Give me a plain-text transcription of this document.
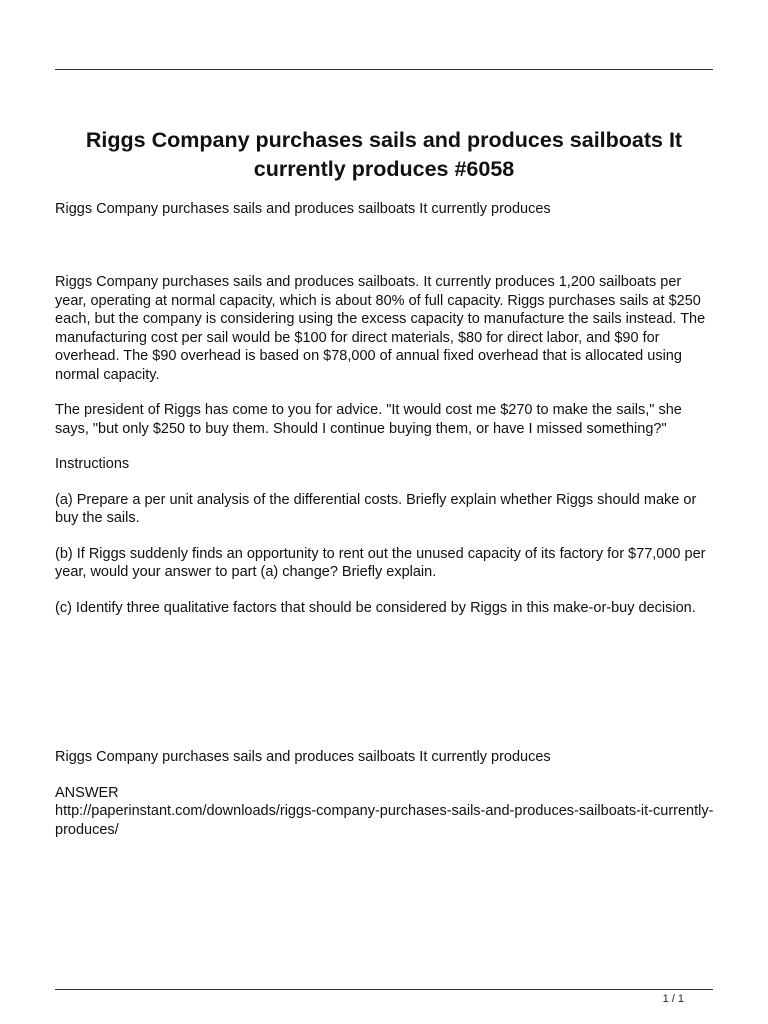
Riggs Company purchases sails and produces sailboats It currently produces #6058

Riggs Company purchases sails and produces sailboats It currently produces

Riggs Company purchases sails and produces sailboats. It currently produces 1,200 sailboats per year, operating at normal capacity, which is about 80% of full capacity. Riggs purchases sails at $250 each, but the company is considering using the excess capacity to manufacture the sails instead. The manufacturing cost per sail would be $100 for direct materials, $80 for direct labor, and $90 for overhead. The $90 overhead is based on $78,000 of annual fixed overhead that is allocated using normal capacity.

The president of Riggs has come to you for advice. "It would cost me $270 to make the sails," she says, "but only $250 to buy them. Should I continue buying them, or have I missed something?"

Instructions

(a) Prepare a per unit analysis of the differential costs. Briefly explain whether Riggs should make or buy the sails.

(b) If Riggs suddenly finds an opportunity to rent out the unused capacity of its factory for $77,000 per year, would your answer to part (a) change? Briefly explain.

(c) Identify three qualitative factors that should be considered by Riggs in this make-or-buy decision.

Riggs Company purchases sails and produces sailboats It currently produces

ANSWER
http://paperinstant.com/downloads/riggs-company-purchases-sails-and-produces-sailboats-it-currently-produces/

1 / 1
